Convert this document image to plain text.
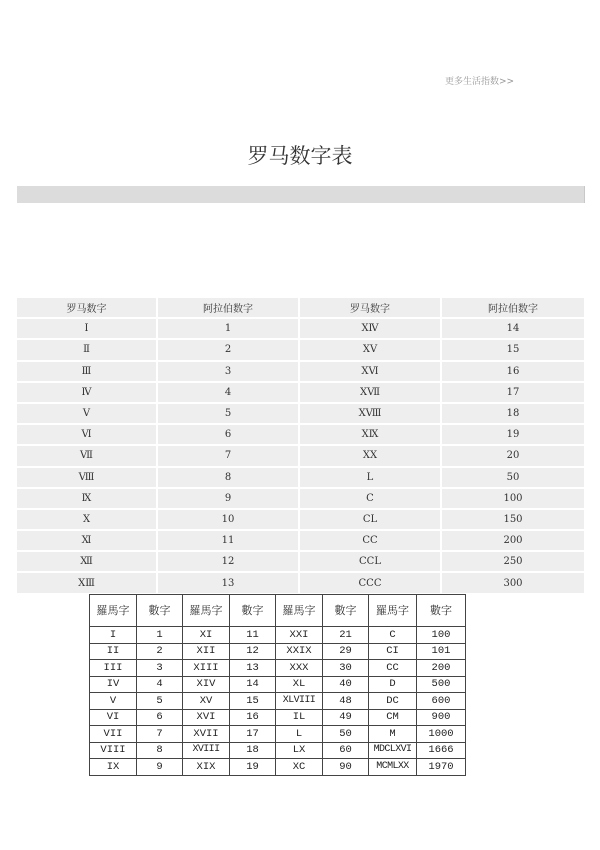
更多生活指数>>
罗马数字表
罗马数字	阿拉伯数字	罗马数字	阿拉伯数字
Ⅰ	1	ⅩⅣ	14
Ⅱ	2	ⅩⅤ	15
Ⅲ	3	ⅩⅥ	16
Ⅳ	4	ⅩⅦ	17
Ⅴ	5	ⅩⅧ	18
Ⅵ	6	ⅩⅨ	19
Ⅶ	7	ⅩⅩ	20
Ⅷ	8	L	50
Ⅸ	9	C	100
Ⅹ	10	CL	150
Ⅺ	11	CC	200
Ⅻ	12	CCL	250
ⅩⅢ	13	CCC	300
羅馬字	數字	羅馬字	數字	羅馬字	數字	羅馬字	數字
I	1	XI	11	XXI	21	C	100
II	2	XII	12	XXIX	29	CI	101
III	3	XIII	13	XXX	30	CC	200
IV	4	XIV	14	XL	40	D	500
V	5	XV	15	XLVIII	48	DC	600
VI	6	XVI	16	IL	49	CM	900
VII	7	XVII	17	L	50	M	1000
VIII	8	XVIII	18	LX	60	MDCLXVI	1666
IX	9	XIX	19	XC	90	MCMLXX	1970
